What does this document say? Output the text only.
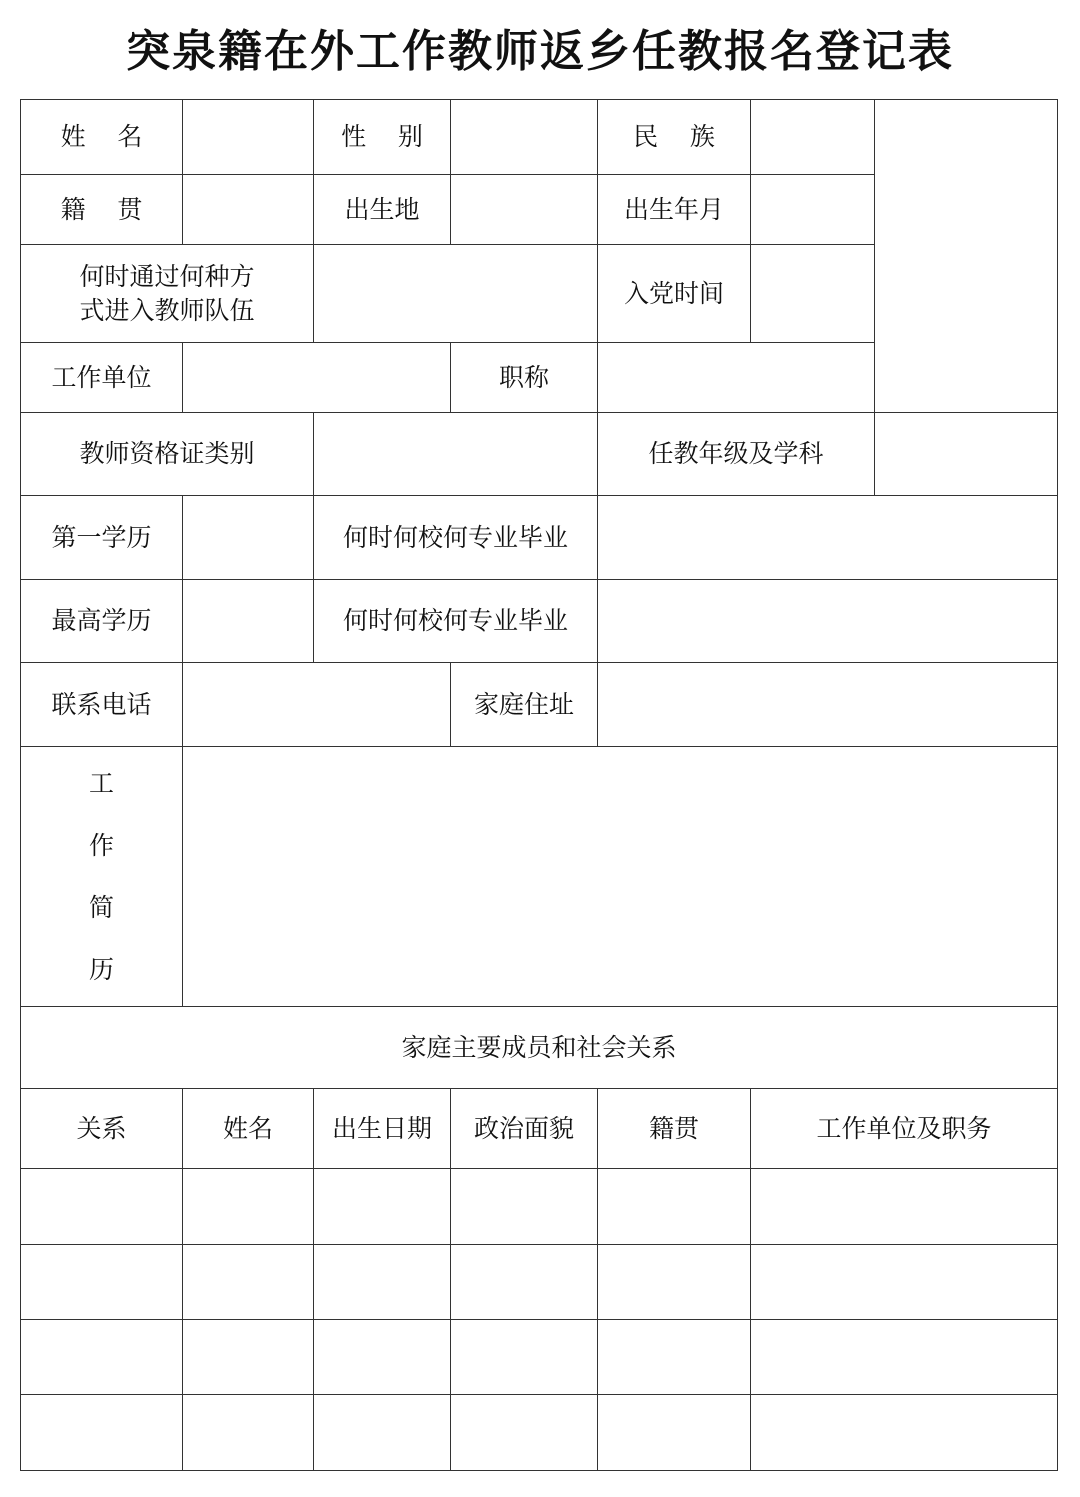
突泉籍在外工作教师返乡任教报名登记表
姓    名		性    别		民    族		
籍    贯		出生地		出生年月		
何时通过何种方式进入教师队伍				入党时间		
工作单位			职称			
教师资格证类别				任教年级及学科		
第一学历		何时何校何专业毕业				
最高学历		何时何校何专业毕业				
联系电话			家庭住址			

工
作
简
历						

家庭主要成员和社会关系						
关系	姓名	出生日期	政治面貌	籍贯	工作单位及职务	
